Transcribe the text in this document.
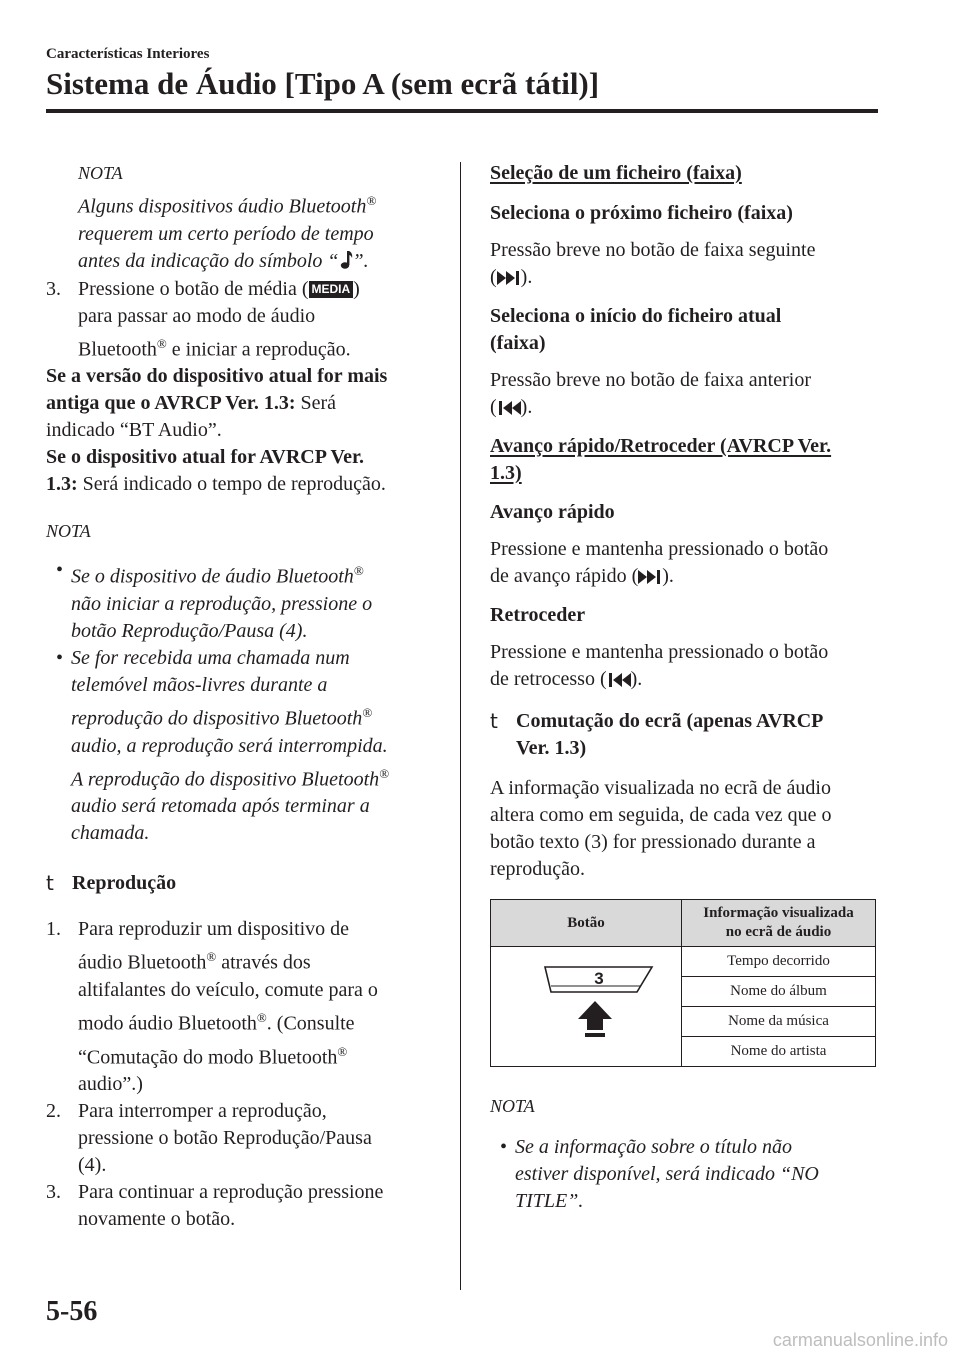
Características Interiores

Sistema de Áudio [Tipo A (sem ecrã tátil)]

NOTA

Alguns dispositivos áudio Bluetooth®

requerem um certo período de tempo

antes da indicação do símbolo “ ”.

3. Pressione o botão de média ( MEDIA )

para passar ao modo de áudio

Bluetooth® e iniciar a reprodução.

Se a versão do dispositivo atual for mais

antiga que o AVRCP Ver. 1.3: Será

indicado “BT Audio”.

Se o dispositivo atual for AVRCP Ver.

1.3: Será indicado o tempo de reprodução.

NOTA

• Se o dispositivo de áudio Bluetooth®

não iniciar a reprodução, pressione o

botão Reprodução/Pausa (4).

• Se for recebida uma chamada num

telemóvel mãos-livres durante a

reprodução do dispositivo Bluetooth®

audio, a reprodução será interrompida.

A reprodução do dispositivo Bluetooth®

audio será retomada após terminar a

chamada.

t Reprodução
1. Para reproduzir um dispositivo de

áudio Bluetooth® através dos

altifalantes do veículo, comute para o

modo áudio Bluetooth®. (Consulte

“Comutação do modo Bluetooth®

audio”.)

2. Para interromper a reprodução,

pressione o botão Reprodução/Pausa

(4).

3. Para continuar a reprodução pressione

novamente o botão.

Seleção de um ficheiro (faixa)

Seleciona o próximo ficheiro (faixa)

Pressão breve no botão de faixa seguinte

( ).

Seleciona o início do ficheiro atual

(faixa)

Pressão breve no botão de faixa anterior

( ).

Avanço rápido/Retroceder (AVRCP Ver.

1.3)

Avanço rápido

Pressione e mantenha pressionado o botão

de avanço rápido ( ).

Retroceder

Pressione e mantenha pressionado o botão

de retrocesso ( ).

t Comutação do ecrã (apenas AVRCP

Ver. 1.3)

A informação visualizada no ecrã de áudio

altera como em seguida, de cada vez que o

botão texto (3) for pressionado durante a

reprodução.

Botão	Informação visualizada
no ecrã de áudio

3	Tempo decorrido
	Nome do álbum
	Nome da música
	Nome do artista

NOTA

• Se a informação sobre o título não

estiver disponível, será indicado “NO

TITLE”.

5-56
carmanualsonline.info
